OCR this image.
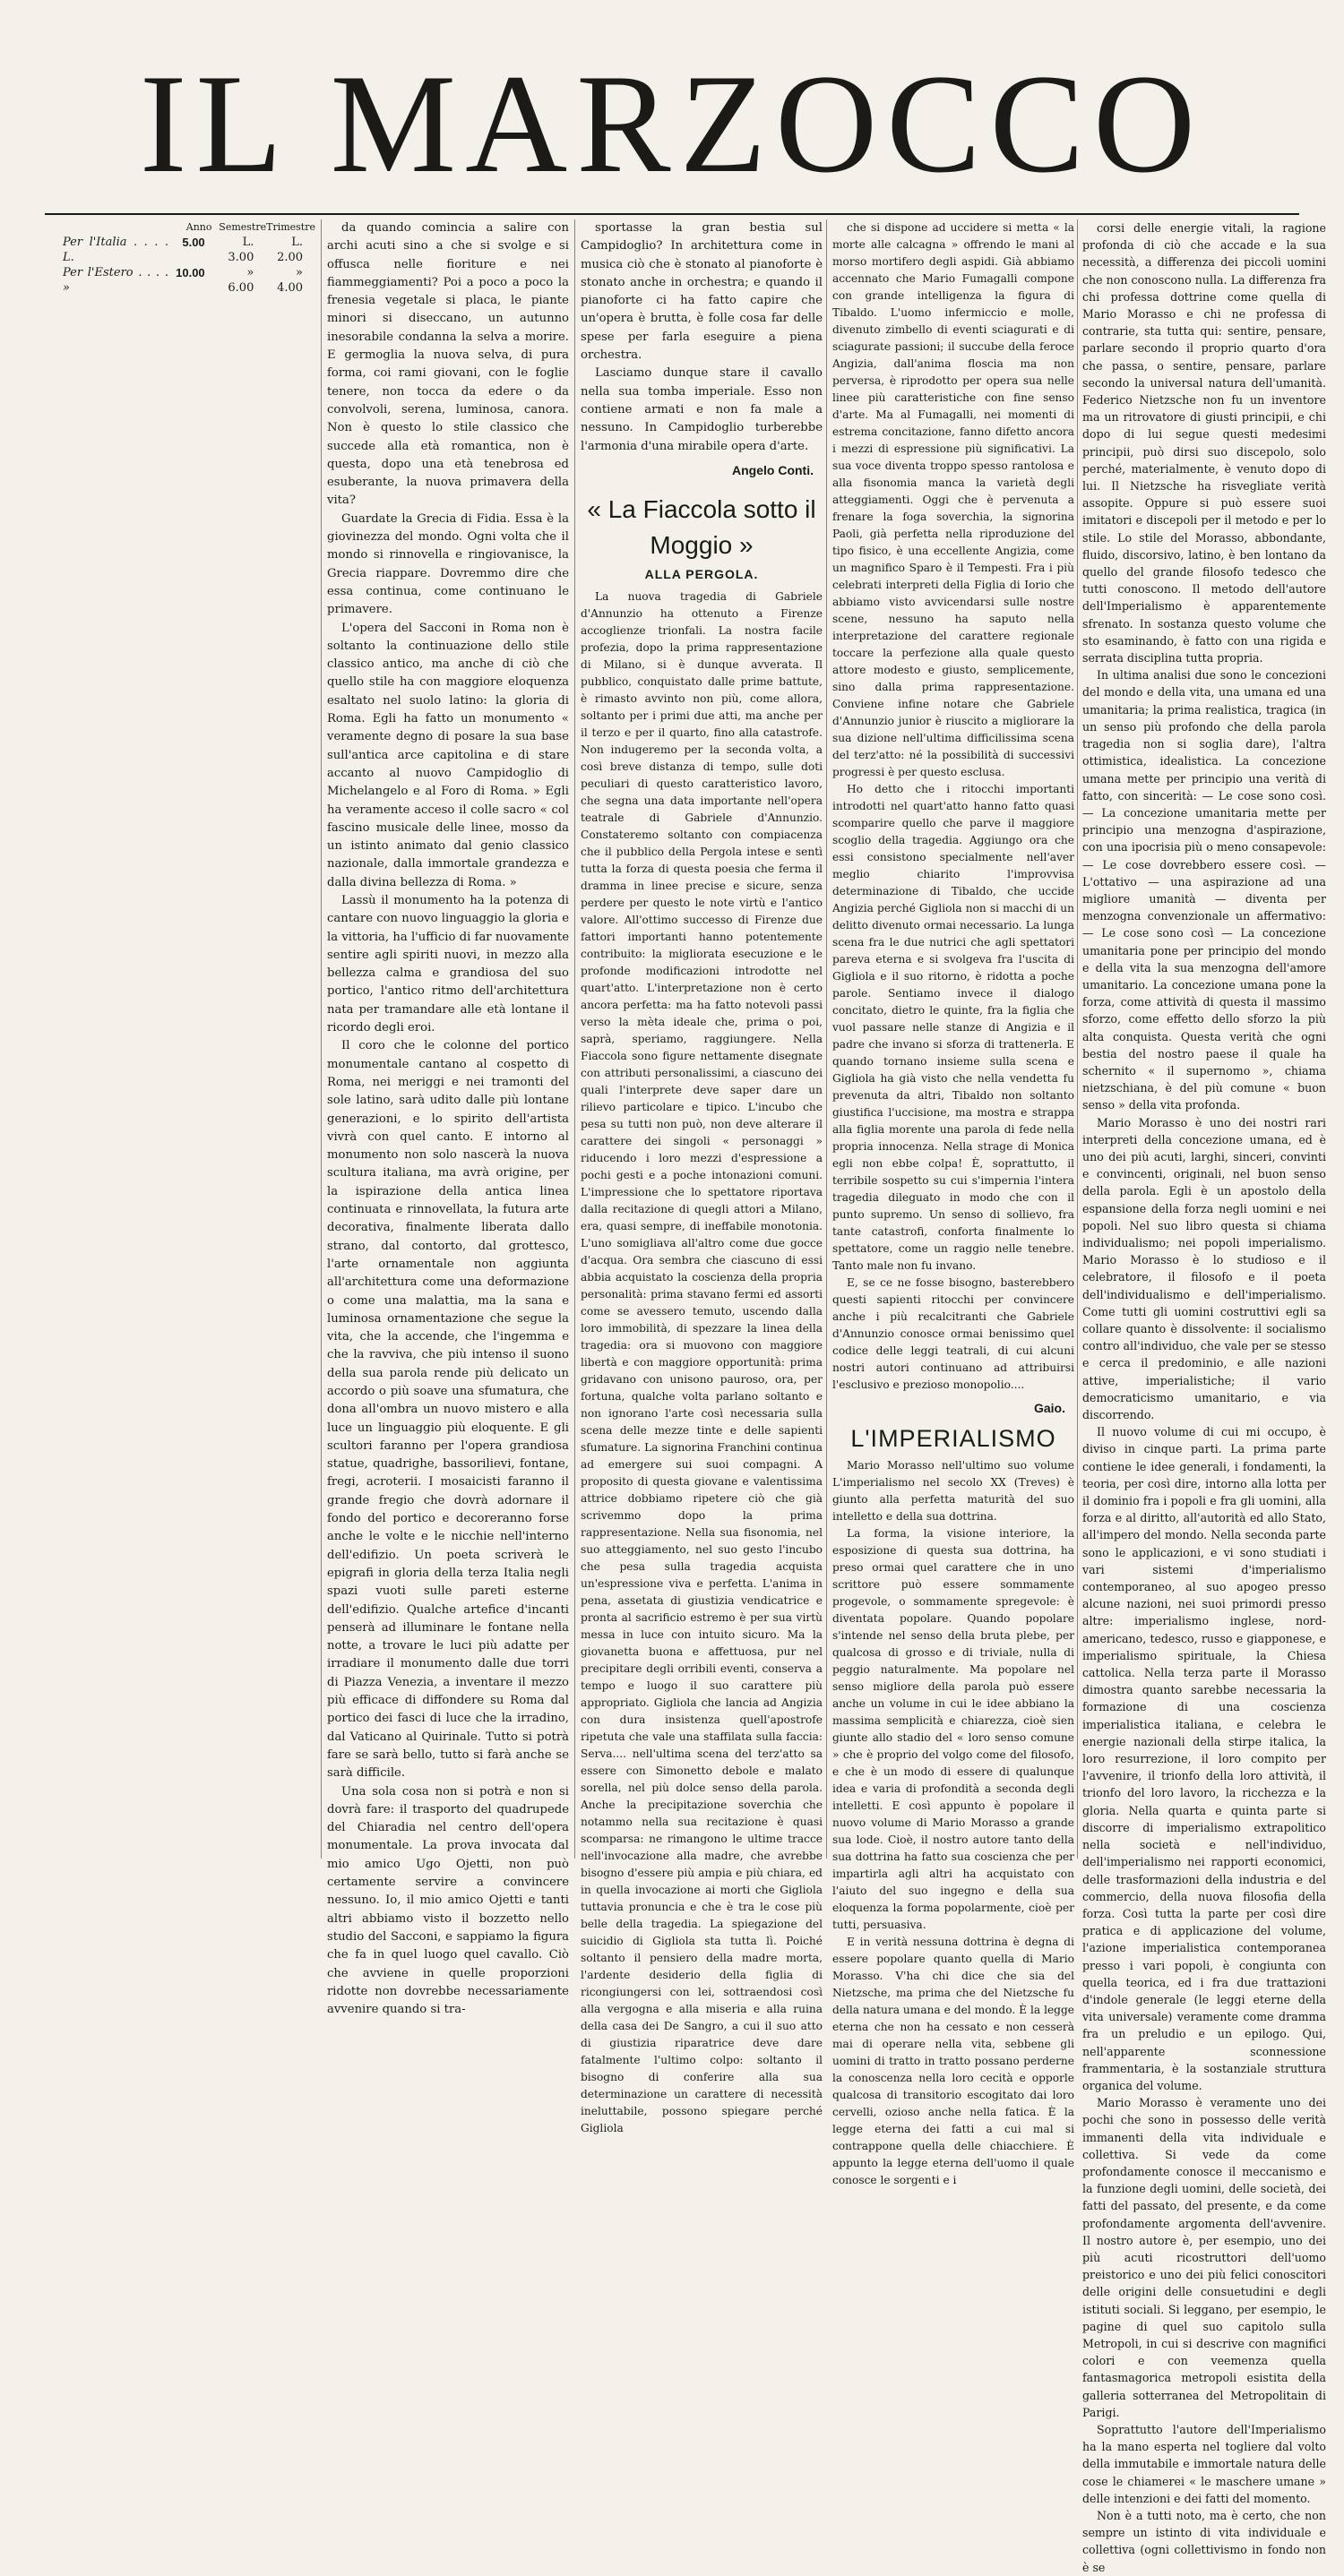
IL MARZOCCO
Anno Semestre Trimestre
Per l'Italia . . . . L.
5.00	L. 3.00
L. 2.00
Per l'Estero . . . . »
10.00	» 6.00
» 4.00

da quando comincia a salire con archi acuti sino a che si svolge e si offusca nelle fioriture e nei fiammeggiamenti? Poi a poco a poco la frenesia vegetale si placa, le piante minori si diseccano, un autunno inesorabile condanna la selva a morire. E germoglia la nuova selva, di pura forma, coi rami giovani, con le foglie tenere, non tocca da edere o da convolvoli, serena, luminosa, canora. Non è questo lo stile classico che succede alla età romantica, non è questa, dopo una età tenebrosa ed esuberante, la nuova primavera della vita?

Guardate la Grecia di Fidia. Essa è la giovinezza del mondo. Ogni volta che il mondo si rinnovella e ringiovanisce, la Grecia riappare. Dovremmo dire che essa continua, come continuano le primavere.

L'opera del Sacconi in Roma non è soltanto la continuazione dello stile classico antico, ma anche di ciò che quello stile ha con maggiore eloquenza esaltato nel suolo latino: la gloria di Roma. Egli ha fatto un monumento « veramente degno di posare la sua base sull'antica arce capitolina e di stare accanto al nuovo Campidoglio di Michelangelo e al Foro di Roma. » Egli ha veramente acceso il colle sacro « col fascino musicale delle linee, mosso da un istinto animato dal genio classico nazionale, dalla immortale grandezza e dalla divina bellezza di Roma. »

Lassù il monumento ha la potenza di cantare con nuovo linguaggio la gloria e la vittoria, ha l'ufficio di far nuovamente sentire agli spiriti nuovi, in mezzo alla bellezza calma e grandiosa del suo portico, l'antico ritmo dell'architettura nata per tramandare alle età lontane il ricordo degli eroi.

Il coro che le colonne del portico monumentale cantano al cospetto di Roma, nei meriggi e nei tramonti del sole latino, sarà udito dalle più lontane generazioni, e lo spirito dell'artista vivrà con quel canto. E intorno al monumento non solo nascerà la nuova scultura italiana, ma avrà origine, per la ispirazione della antica linea continuata e rinnovellata, la futura arte decorativa, finalmente liberata dallo strano, dal contorto, dal grottesco, l'arte ornamentale non aggiunta all'architettura come una deformazione o come una malattia, ma la sana e luminosa ornamentazione che segue la vita, che la accende, che l'ingemma e che la ravviva, che più intenso il suono della sua parola rende più delicato un accordo o più soave una sfumatura, che dona all'ombra un nuovo mistero e alla luce un linguaggio più eloquente. E gli scultori faranno per l'opera grandiosa statue, quadrighe, bassorilievi, fontane, fregi, acroterii. I mosaicisti faranno il grande fregio che dovrà adornare il fondo del portico e decoreranno forse anche le volte e le nicchie nell'interno dell'edifizio. Un poeta scriverà le epigrafi in gloria della terza Italia negli spazi vuoti sulle pareti esterne dell'edifizio. Qualche artefice d'incanti penserà ad illuminare le fontane nella notte, a trovare le luci più adatte per irradiare il monumento dalle due torri di Piazza Venezia, a inventare il mezzo più efficace di diffondere su Roma dal portico dei fasci di luce che la irradino, dal Vaticano al Quirinale. Tutto si potrà fare se sarà bello, tutto si farà anche se sarà difficile.

Una sola cosa non si potrà e non si dovrà fare: il trasporto del quadrupede del Chiaradia nel centro dell'opera monumentale. La prova invocata dal mio amico Ugo Ojetti, non può certamente servire a convincere nessuno. Io, il mio amico Ojetti e tanti altri abbiamo visto il bozzetto nello studio del Sacconi, e sappiamo la figura che fa in quel luogo quel cavallo. Ciò che avviene in quelle proporzioni ridotte non dovrebbe necessariamente avvenire quando si tra-

sportasse la gran bestia sul Campidoglio? In architettura come in musica ciò che è stonato al pianoforte è stonato anche in orchestra; e quando il pianoforte ci ha fatto capire che un'opera è brutta, è folle cosa far delle spese per farla eseguire a piena orchestra.

Lasciamo dunque stare il cavallo nella sua tomba imperiale. Esso non contiene armati e non fa male a nessuno. In Campidoglio turberebbe l'armonia d'una mirabile opera d'arte.

Angelo Conti.
« La Fiaccola sotto il Moggio »
ALLA PERGOLA.

La nuova tragedia di Gabriele d'Annunzio ha ottenuto a Firenze accoglienze trionfali. La nostra facile profezia, dopo la prima rappresentazione di Milano, si è dunque avverata. Il pubblico, conquistato dalle prime battute, è rimasto avvinto non più, come allora, soltanto per i primi due atti, ma anche per il terzo e per il quarto, fino alla catastrofe. Non indugeremo per la seconda volta, a così breve distanza di tempo, sulle doti peculiari di questo caratteristico lavoro, che segna una data importante nell'opera teatrale di Gabriele d'Annunzio. Constateremo soltanto con compiacenza che il pubblico della Pergola intese e sentì tutta la forza di questa poesia che ferma il dramma in linee precise e sicure, senza perdere per questo le note virtù e l'antico valore. All'ottimo successo di Firenze due fattori importanti hanno potentemente contribuito: la migliorata esecuzione e le profonde modificazioni introdotte nel quart'atto. L'interpretazione non è certo ancora perfetta: ma ha fatto notevoli passi verso la mèta ideale che, prima o poi, saprà, speriamo, raggiungere. Nella Fiaccola sono figure nettamente disegnate con attributi personalissimi, a ciascuno dei quali l'interprete deve saper dare un rilievo particolare e tipico. L'incubo che pesa su tutti non può, non deve alterare il carattere dei singoli « personaggi » riducendo i loro mezzi d'espressione a pochi gesti e a poche intonazioni comuni. L'impressione che lo spettatore riportava dalla recitazione di quegli attori a Milano, era, quasi sempre, di ineffabile monotonia. L'uno somigliava all'altro come due gocce d'acqua. Ora sembra che ciascuno di essi abbia acquistato la coscienza della propria personalità: prima stavano fermi ed assorti come se avessero temuto, uscendo dalla loro immobilità, di spezzare la linea della tragedia: ora si muovono con maggiore libertà e con maggiore opportunità: prima gridavano con unisono pauroso, ora, per fortuna, qualche volta parlano soltanto e non ignorano l'arte così necessaria sulla scena delle mezze tinte e delle sapienti sfumature. La signorina Franchini continua ad emergere sui suoi compagni. A proposito di questa giovane e valentissima attrice dobbiamo ripetere ciò che già scrivemmo dopo la prima rappresentazione. Nella sua fisonomia, nel suo atteggiamento, nel suo gesto l'incubo che pesa sulla tragedia acquista un'espressione viva e perfetta. L'anima in pena, assetata di giustizia vendicatrice e pronta al sacrificio estremo è per sua virtù messa in luce con intuito sicuro. Ma la giovanetta buona e affettuosa, pur nel precipitare degli orribili eventi, conserva a tempo e luogo il suo carattere più appropriato. Gigliola che lancia ad Angizia con dura insistenza quell'apostrofe ripetuta che vale una staffilata sulla faccia: Serva.... nell'ultima scena del terz'atto sa essere con Simonetto debole e malato sorella, nel più dolce senso della parola. Anche la precipitazione soverchia che notammo nella sua recitazione è quasi scomparsa: ne rimangono le ultime tracce nell'invocazione alla madre, che avrebbe bisogno d'essere più ampia e più chiara, ed in quella invocazione ai morti che Gigliola tuttavia pronuncia e che è tra le cose più belle della tragedia. La spiegazione del suicidio di Gigliola sta tutta lì. Poiché soltanto il pensiero della madre morta, l'ardente desiderio della figlia di ricongiungersi con lei, sottraendosi così alla vergogna e alla miseria e alla ruina della casa dei De Sangro, a cui il suo atto di giustizia riparatrice deve dare fatalmente l'ultimo colpo: soltanto il bisogno di conferire alla sua determinazione un carattere di necessità ineluttabile, possono spiegare perché Gigliola

che si dispone ad uccidere si metta « la morte alle calcagna » offrendo le mani al morso mortifero degli aspidi. Già abbiamo accennato che Mario Fumagalli compone con grande intelligenza la figura di Tibaldo. L'uomo infermiccio e molle, divenuto zimbello di eventi sciagurati e di sciagurate passioni; il succube della feroce Angizia, dall'anima floscia ma non perversa, è riprodotto per opera sua nelle linee più caratteristiche con fine senso d'arte. Ma al Fumagalli, nei momenti di estrema concitazione, fanno difetto ancora i mezzi di espressione più significativi. La sua voce diventa troppo spesso rantolosa e alla fisonomia manca la varietà degli atteggiamenti. Oggi che è pervenuta a frenare la foga soverchia, la signorina Paoli, già perfetta nella riproduzione del tipo fisico, è una eccellente Angizia, come un magnifico Sparo è il Tempesti. Fra i più celebrati interpreti della Figlia di Iorio che abbiamo visto avvicendarsi sulle nostre scene, nessuno ha saputo nella interpretazione del carattere regionale toccare la perfezione alla quale questo attore modesto e giusto, semplicemente, sino dalla prima rappresentazione. Conviene infine notare che Gabriele d'Annunzio junior è riuscito a migliorare la sua dizione nell'ultima difficilissima scena del terz'atto: né la possibilità di successivi progressi è per questo esclusa.

Ho detto che i ritocchi importanti introdotti nel quart'atto hanno fatto quasi scomparire quello che parve il maggiore scoglio della tragedia. Aggiungo ora che essi consistono specialmente nell'aver meglio chiarito l'improvvisa determinazione di Tibaldo, che uccide Angizia perché Gigliola non si macchi di un delitto divenuto ormai necessario. La lunga scena fra le due nutrici che agli spettatori pareva eterna e si svolgeva fra l'uscita di Gigliola e il suo ritorno, è ridotta a poche parole. Sentiamo invece il dialogo concitato, dietro le quinte, fra la figlia che vuol passare nelle stanze di Angizia e il padre che invano si sforza di trattenerla. E quando tornano insieme sulla scena e Gigliola ha già visto che nella vendetta fu prevenuta da altri, Tibaldo non soltanto giustifica l'uccisione, ma mostra e strappa alla figlia morente una parola di fede nella propria innocenza. Nella strage di Monica egli non ebbe colpa! È, soprattutto, il terribile sospetto su cui s'impernia l'intera tragedia dileguato in modo che con il punto supremo. Un senso di sollievo, fra tante catastrofi, conforta finalmente lo spettatore, come un raggio nelle tenebre. Tanto male non fu invano.

E, se ce ne fosse bisogno, basterebbero questi sapienti ritocchi per convincere anche i più recalcitranti che Gabriele d'Annunzio conosce ormai benissimo quel codice delle leggi teatrali, di cui alcuni nostri autori continuano ad attribuirsi l'esclusivo e prezioso monopolio....

Gaio.
L'IMPERIALISMO

Mario Morasso nell'ultimo suo volume L'imperialismo nel secolo XX (Treves) è giunto alla perfetta maturità del suo intelletto e della sua dottrina.

La forma, la visione interiore, la esposizione di questa sua dottrina, ha preso ormai quel carattere che in uno scrittore può essere sommamente progevole, o sommamente spregevole: è diventata popolare. Quando popolare s'intende nel senso della bruta plebe, per qualcosa di grosso e di triviale, nulla di peggio naturalmente. Ma popolare nel senso migliore della parola può essere anche un volume in cui le idee abbiano la massima semplicità e chiarezza, cioè sien giunte allo stadio del « loro senso comune » che è proprio del volgo come del filosofo, e che è un modo di essere di qualunque idea e varia di profondità a seconda degli intelletti. E così appunto è popolare il nuovo volume di Mario Morasso a grande sua lode. Cioè, il nostro autore tanto della sua dottrina ha fatto sua coscienza che per impartirla agli altri ha acquistato con l'aiuto del suo ingegno e della sua eloquenza la forma popolarmente, cioè per tutti, persuasiva.

E in verità nessuna dottrina è degna di essere popolare quanto quella di Mario Morasso. V'ha chi dice che sia del Nietzsche, ma prima che del Nietzsche fu della natura umana e del mondo. È la legge eterna che non ha cessato e non cesserà mai di operare nella vita, sebbene gli uomini di tratto in tratto possano perderne la conoscenza nella loro cecità e opporle qualcosa di transitorio escogitato dai loro cervelli, ozioso anche nella fatica. È la legge eterna dei fatti a cui mal si contrappone quella delle chiacchiere. È appunto la legge eterna dell'uomo il quale conosce le sorgenti e i

corsi delle energie vitali, la ragione profonda di ciò che accade e la sua necessità, a differenza dei piccoli uomini che non conoscono nulla. La differenza fra chi professa dottrine come quella di Mario Morasso e chi ne professa di contrarie, sta tutta qui: sentire, pensare, parlare secondo il proprio quarto d'ora che passa, o sentire, pensare, parlare secondo la universal natura dell'umanità. Federico Nietzsche non fu un inventore ma un ritrovatore di giusti principii, e chi dopo di lui segue questi medesimi principii, può dirsi suo discepolo, solo perché, materialmente, è venuto dopo di lui. Il Nietzsche ha risvegliate verità assopite. Oppure si può essere suoi imitatori e discepoli per il metodo e per lo stile. Lo stile del Morasso, abbondante, fluido, discorsivo, latino, è ben lontano da quello del grande filosofo tedesco che tutti conoscono. Il metodo dell'autore dell'Imperialismo è apparentemente sfrenato. In sostanza questo volume che sto esaminando, è fatto con una rigida e serrata disciplina tutta propria.

In ultima analisi due sono le concezioni del mondo e della vita, una umana ed una umanitaria; la prima realistica, tragica (in un senso più profondo che della parola tragedia non si soglia dare), l'altra ottimistica, idealistica. La concezione umana mette per principio una verità di fatto, con sincerità: — Le cose sono così. — La concezione umanitaria mette per principio una menzogna d'aspirazione, con una ipocrisia più o meno consapevole: — Le cose dovrebbero essere così. — L'ottativo — una aspirazione ad una migliore umanità — diventa per menzogna convenzionale un affermativo: — Le cose sono così — La concezione umanitaria pone per principio del mondo e della vita la sua menzogna dell'amore umanitario. La concezione umana pone la forza, come attività di questa il massimo sforzo, come effetto dello sforzo la più alta conquista. Questa verità che ogni bestia del nostro paese il quale ha schernito « il supernomo », chiama nietzschiana, è del più comune « buon senso » della vita profonda.

Mario Morasso è uno dei nostri rari interpreti della concezione umana, ed è uno dei più acuti, larghi, sinceri, convinti e convincenti, originali, nel buon senso della parola. Egli è un apostolo della espansione della forza negli uomini e nei popoli. Nel suo libro questa si chiama individualismo; nei popoli imperialismo. Mario Morasso è lo studioso e il celebratore, il filosofo e il poeta dell'individualismo e dell'imperialismo. Come tutti gli uomini costruttivi egli sa collare quanto è dissolvente: il socialismo contro all'individuo, che vale per se stesso e cerca il predominio, e alle nazioni attive, imperialistiche; il vario democraticismo umanitario, e via discorrendo.

Il nuovo volume di cui mi occupo, è diviso in cinque parti. La prima parte contiene le idee generali, i fondamenti, la teoria, per così dire, intorno alla lotta per il dominio fra i popoli e fra gli uomini, alla forza e al diritto, all'autorità ed allo Stato, all'impero del mondo. Nella seconda parte sono le applicazioni, e vi sono studiati i vari sistemi d'imperialismo contemporaneo, al suo apogeo presso alcune nazioni, nei suoi primordi presso altre: imperialismo inglese, nord-americano, tedesco, russo e giapponese, e imperialismo spirituale, la Chiesa cattolica. Nella terza parte il Morasso dimostra quanto sarebbe necessaria la formazione di una coscienza imperialistica italiana, e celebra le energie nazionali della stirpe italica, la loro resurrezione, il loro compito per l'avvenire, il trionfo della loro attività, il trionfo del loro lavoro, la ricchezza e la gloria. Nella quarta e quinta parte si discorre di imperialismo extrapolitico nella società e nell'individuo, dell'imperialismo nei rapporti economici, delle trasformazioni della industria e del commercio, della nuova filosofia della forza. Così tutta la parte per così dire pratica e di applicazione del volume, l'azione imperialistica contemporanea presso i vari popoli, è congiunta con quella teorica, ed i fra due trattazioni d'indole generale (le leggi eterne della vita universale) veramente come dramma fra un preludio e un epilogo. Qui, nell'apparente sconnessione frammentaria, è la sostanziale struttura organica del volume.

Mario Morasso è veramente uno dei pochi che sono in possesso delle verità immanenti della vita individuale e collettiva. Si vede da come profondamente conosce il meccanismo e la funzione degli uomini, delle società, dei fatti del passato, del presente, e da come profondamente argomenta dell'avvenire. Il nostro autore è, per esempio, uno dei più acuti ricostruttori dell'uomo preistorico e uno dei più felici conoscitori delle origini delle consuetudini e degli istituti sociali. Si leggano, per esempio, le pagine di quel suo capitolo sulla Metropoli, in cui si descrive con magnifici colori e con veemenza quella fantasmagorica metropoli esistita della galleria sotterranea del Metropolitain di Parigi.

Soprattutto l'autore dell'Imperialismo ha la mano esperta nel togliere dal volto della immutabile e immortale natura delle cose le chiamerei « le maschere umane » delle intenzioni e dei fatti del momento.

Non è a tutti noto, ma è certo, che non sempre un istinto di vita individuale e collettiva (ogni collettivismo in fondo non è se
